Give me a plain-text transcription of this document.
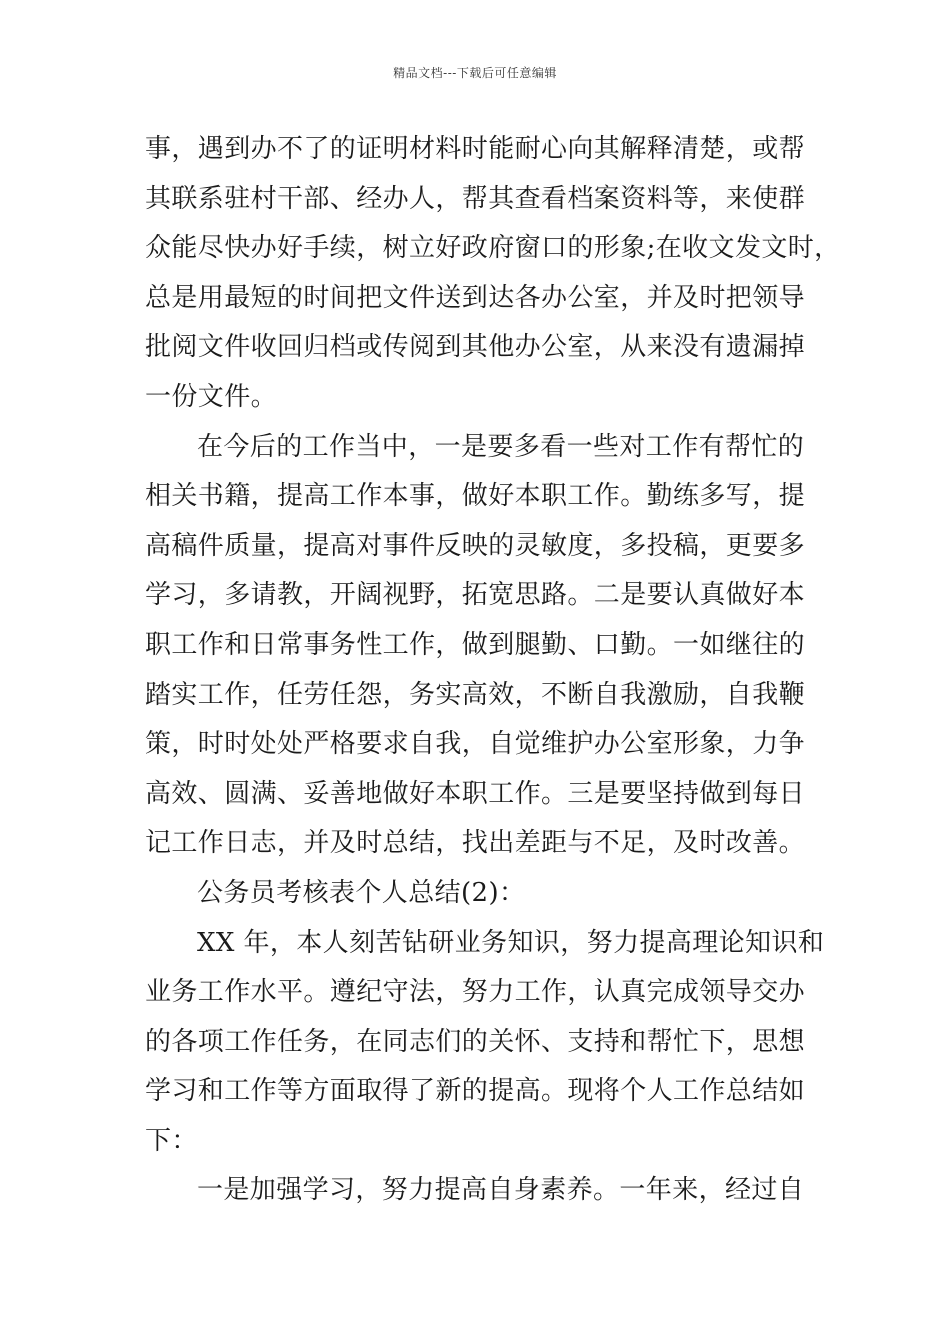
精品文档---下载后可任意编辑
事，遇到办不了的证明材料时能耐心向其解释清楚，或帮
其联系驻村干部、经办人，帮其查看档案资料等，来使群
众能尽快办好手续，树立好政府窗口的形象;在收文发文时，
总是用最短的时间把文件送到达各办公室，并及时把领导
批阅文件收回归档或传阅到其他办公室，从来没有遗漏掉
一份文件。
在今后的工作当中，一是要多看一些对工作有帮忙的
相关书籍，提高工作本事，做好本职工作。勤练多写，提
高稿件质量，提高对事件反映的灵敏度，多投稿，更要多
学习，多请教，开阔视野，拓宽思路。二是要认真做好本
职工作和日常事务性工作，做到腿勤、口勤。一如继往的
踏实工作，任劳任怨，务实高效，不断自我激励，自我鞭
策，时时处处严格要求自我，自觉维护办公室形象，力争
高效、圆满、妥善地做好本职工作。三是要坚持做到每日
记工作日志，并及时总结，找出差距与不足，及时改善。
公务员考核表个人总结(2)：
XX 年，本人刻苦钻研业务知识，努力提高理论知识和
业务工作水平。遵纪守法，努力工作，认真完成领导交办
的各项工作任务，在同志们的关怀、支持和帮忙下，思想
学习和工作等方面取得了新的提高。现将个人工作总结如
下：
一是加强学习，努力提高自身素养。一年来，经过自
